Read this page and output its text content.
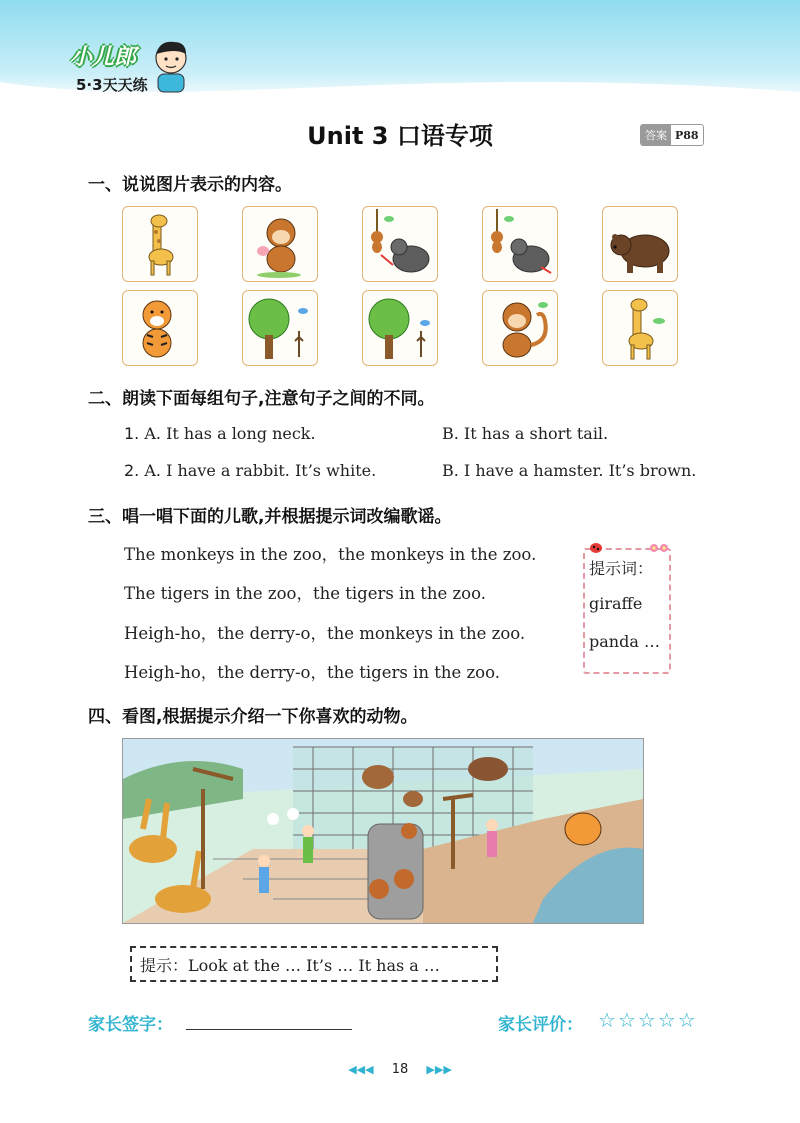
小儿郎
5·3天天练
Unit 3 口语专项	答案 P88
一、说说图片表示的内容。
二、朗读下面每组句子,注意句子之间的不同。
1. A. It has a long neck.	B. It has a short tail.
2. A. I have a rabbit. It’s white.	B. I have a hamster. It’s brown.
三、唱一唱下面的儿歌,并根据提示词改编歌谣。
The monkeys in the zoo，the monkeys in the zoo.
The tigers in the zoo，the tigers in the zoo.
Heigh-ho，the derry-o，the monkeys in the zoo.
Heigh-ho，the derry-o，the tigers in the zoo.
提示词：
giraffe
panda …
四、看图,根据提示介绍一下你喜欢的动物。
提示：Look at the … It’s … It has a …
家长签字：	家长评价： ☆☆☆☆☆
◀◀◀ 18 ▶▶▶
